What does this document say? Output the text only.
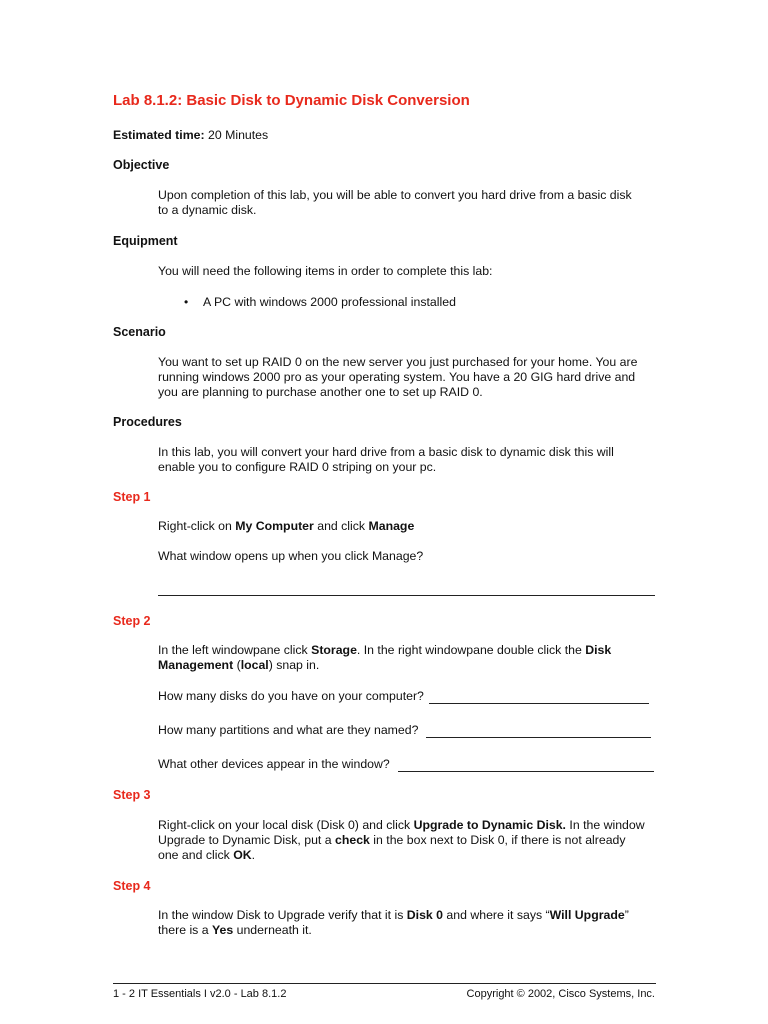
Lab 8.1.2: Basic Disk to Dynamic Disk Conversion
Estimated time: 20 Minutes
Objective
Upon completion of this lab, you will be able to convert you hard drive from a basic disk
to a dynamic disk.
Equipment
You will need the following items in order to complete this lab:
• A PC with windows 2000 professional installed
Scenario
You want to set up RAID 0 on the new server you just purchased for your home. You are
running windows 2000 pro as your operating system. You have a 20 GIG hard drive and
you are planning to purchase another one to set up RAID 0.
Procedures
In this lab, you will convert your hard drive from a basic disk to dynamic disk this will
enable you to configure RAID 0 striping on your pc.
Step 1
Right-click on My Computer and click Manage
What window opens up when you click Manage?
Step 2
In the left windowpane click Storage. In the right windowpane double click the Disk
Management (local) snap in.
How many disks do you have on your computer?
How many partitions and what are they named?
What other devices appear in the window?
Step 3
Right-click on your local disk (Disk 0) and click Upgrade to Dynamic Disk. In the window
Upgrade to Dynamic Disk, put a check in the box next to Disk 0, if there is not already
one and click OK.
Step 4
In the window Disk to Upgrade verify that it is Disk 0 and where it says “Will Upgrade”
there is a Yes underneath it.
1 - 2 IT Essentials I v2.0 - Lab 8.1.2	Copyright © 2002, Cisco Systems, Inc.
